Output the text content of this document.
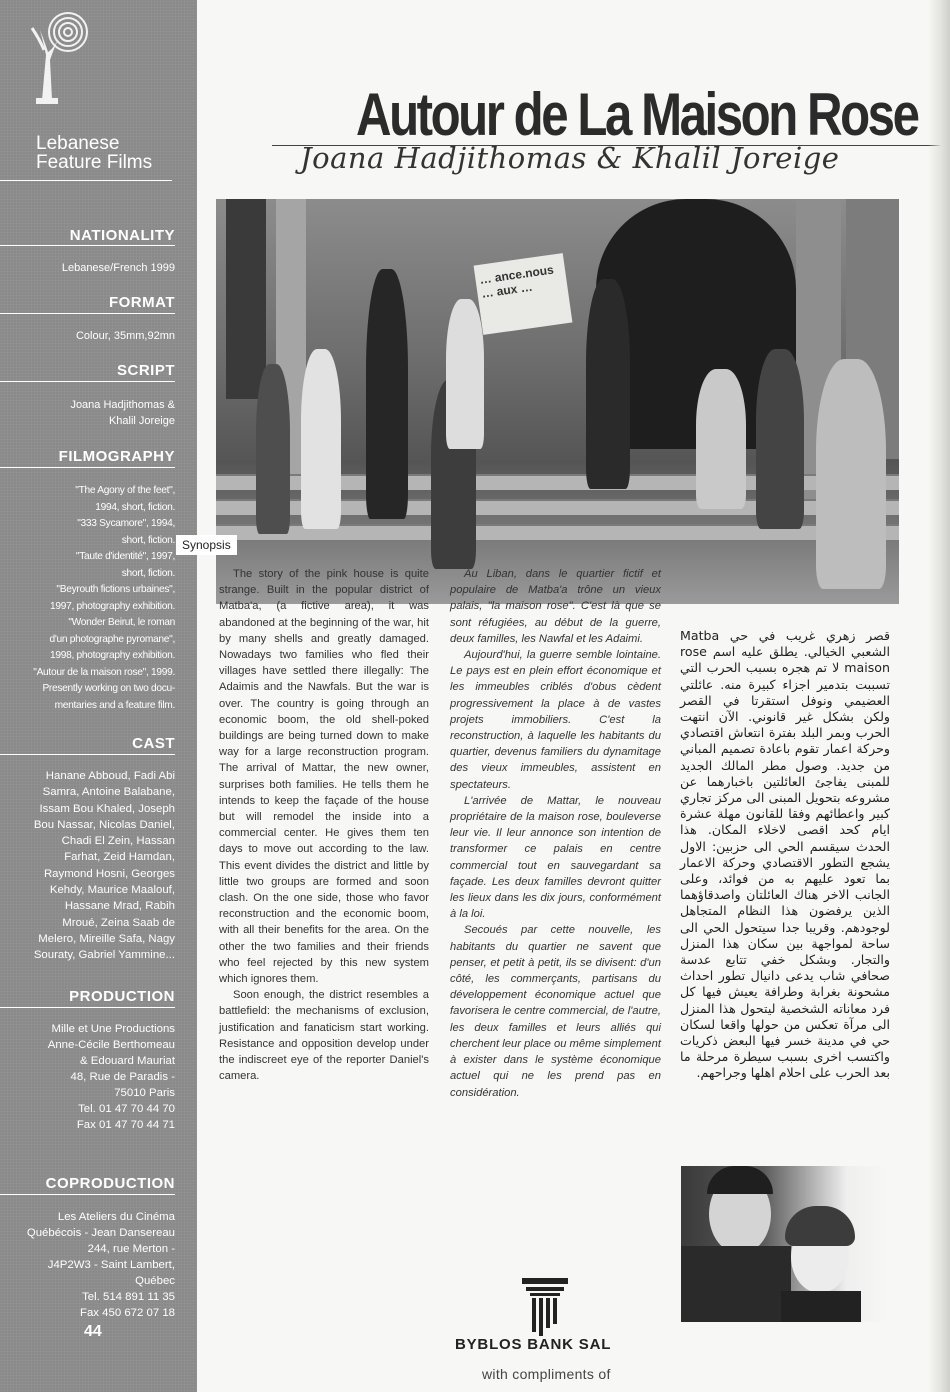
Lebanese
Feature Films
NATIONALITY
Lebanese/French 1999
FORMAT
Colour, 35mm,92mn
SCRIPT
Joana Hadjithomas &
Khalil Joreige
FILMOGRAPHY
"The Agony of the feet",
1994, short, fiction.
"333 Sycamore", 1994,
short, fiction.
"Taute d'identité", 1997,
short, fiction.
"Beyrouth fictions urbaines",
1997, photography exhibition.
"Wonder Beirut, le roman
d'un photographe pyromane",
1998, photography exhibition.
"Autour de la maison rose", 1999.
Presently working on two docu-
mentaries and a feature film.
CAST
Hanane Abboud, Fadi Abi
Samra, Antoine Balabane,
Issam Bou Khaled, Joseph
Bou Nassar, Nicolas Daniel,
Chadi El Zein, Hassan
Farhat, Zeid Hamdan,
Raymond Hosni, Georges
Kehdy, Maurice Maalouf,
Hassane Mrad, Rabih
Mroué, Zeina Saab de
Melero, Mireille Safa, Nagy
Souraty, Gabriel Yammine...
PRODUCTION
Mille et Une Productions
Anne-Cécile Berthomeau
& Edouard Mauriat
48, Rue de Paradis -
75010 Paris
Tel. 01 47 70 44 70
Fax 01 47 70 44 71
COPRODUCTION
Les Ateliers du Cinéma
Québécois - Jean Dansereau
244, rue Merton -
J4P2W3 - Saint Lambert,
Québec
Tel. 514 891 11 35
Fax 450 672 07 18
44
Autour de La Maison Rose
Joana Hadjithomas & Khalil Joreige
… ance.nous … aux …
Synopsis

The story of the pink house is quite strange. Built in the popular district of Matba'a, (a fictive area), it was abandoned at the beginning of the war, hit by many shells and greatly damaged. Nowadays two families who fled their villages have settled there illegally: The Adaimis and the Nawfals. But the war is over. The country is going through an economic boom, the old shell-poked buildings are being turned down to make way for a large reconstruction program. The arrival of Mattar, the new owner, surprises both families. He tells them he intends to keep the façade of the house but will remodel the inside into a commercial center. He gives them ten days to move out according to the law. This event divides the district and little by little two groups are formed and soon clash. On the one side, those who favor reconstruction and the economic boom, with all their benefits for the area. On the other the two families and their friends who feel rejected by this new system which ignores them.

Soon enough, the district resembles a battlefield: the mechanisms of exclusion, justification and fanaticism start working. Resistance and opposition develop under the indiscreet eye of the reporter Daniel's camera.

Au Liban, dans le quartier fictif et populaire de Matba'a trône un vieux palais, "la maison rose". C'est là que se sont réfugiées, au début de la guerre, deux familles, les Nawfal et les Adaimi.

Aujourd'hui, la guerre semble lointaine. Le pays est en plein effort économique et les immeubles criblés d'obus cèdent progressivement la place à de vastes projets immobiliers. C'est la reconstruction, à laquelle les habitants du quartier, devenus familiers du dynamitage des vieux immeubles, assistent en spectateurs.

L'arrivée de Mattar, le nouveau propriétaire de la maison rose, bouleverse leur vie. Il leur annonce son intention de transformer ce palais en centre commercial tout en sauvegardant sa façade. Les deux familles devront quitter les lieux dans les dix jours, conformément à la loi.

Secoués par cette nouvelle, les habitants du quartier ne savent que penser, et petit à petit, ils se divisent: d'un côté, les commerçants, partisans du développement économique actuel que favorisera le centre commercial, de l'autre, les deux familles et leurs alliés qui cherchent leur place ou même simplement à exister dans le système économique actuel qui ne les prend pas en considération.

قصر زهري غريب في حي Matba الشعبي الخيالي. يطلق عليه اسم rose maison لا تم هجره بسبب الحرب التي تسببت بتدمير اجزاء كبيرة منه. عائلتي العضيمي ونوفل استقرتا في القصر ولكن بشكل غير قانوني. الآن انتهت الحرب وبمر البلد بفترة انتعاش اقتصادي وحركة اعمار تقوم باعادة تصميم المباني من جديد. وصول مطر المالك الجديد للمبنى يفاجئ العائلتين باخبارهما عن مشروعه بتحويل المبنى الى مركز تجاري كبير واعطائهم وفقا للقانون مهلة عشرة ايام كحد اقصى لاخلاء المكان. هذا الحدث سيقسم الحي الى حزبين: الاول يشجع التطور الاقتصادي وحركة الاعمار بما تعود عليهم به من فوائد، وعلى الجانب الاخر هناك العائلتان واصدقاؤهما الذين يرفضون هذا النظام المتجاهل لوجودهم. وقريبا جدا سيتحول الحي الى ساحة لمواجهة بين سكان هذا المنزل والتجار. وبشكل خفي تتابع عدسة صحافي شاب يدعى دانيال تطور احداث مشحونة بغرابة وطرافة يعيش فيها كل فرد معاناته الشخصية ليتحول هذا المنزل الى مرآة تعكس من حولها واقعا لسكان حي في مدينة خسر فيها البعض ذكريات واكتسب اخرى بسبب سيطرة مرحلة ما بعد الحرب على احلام اهلها وجراحهم.
BYBLOS BANK SAL
with compliments of
